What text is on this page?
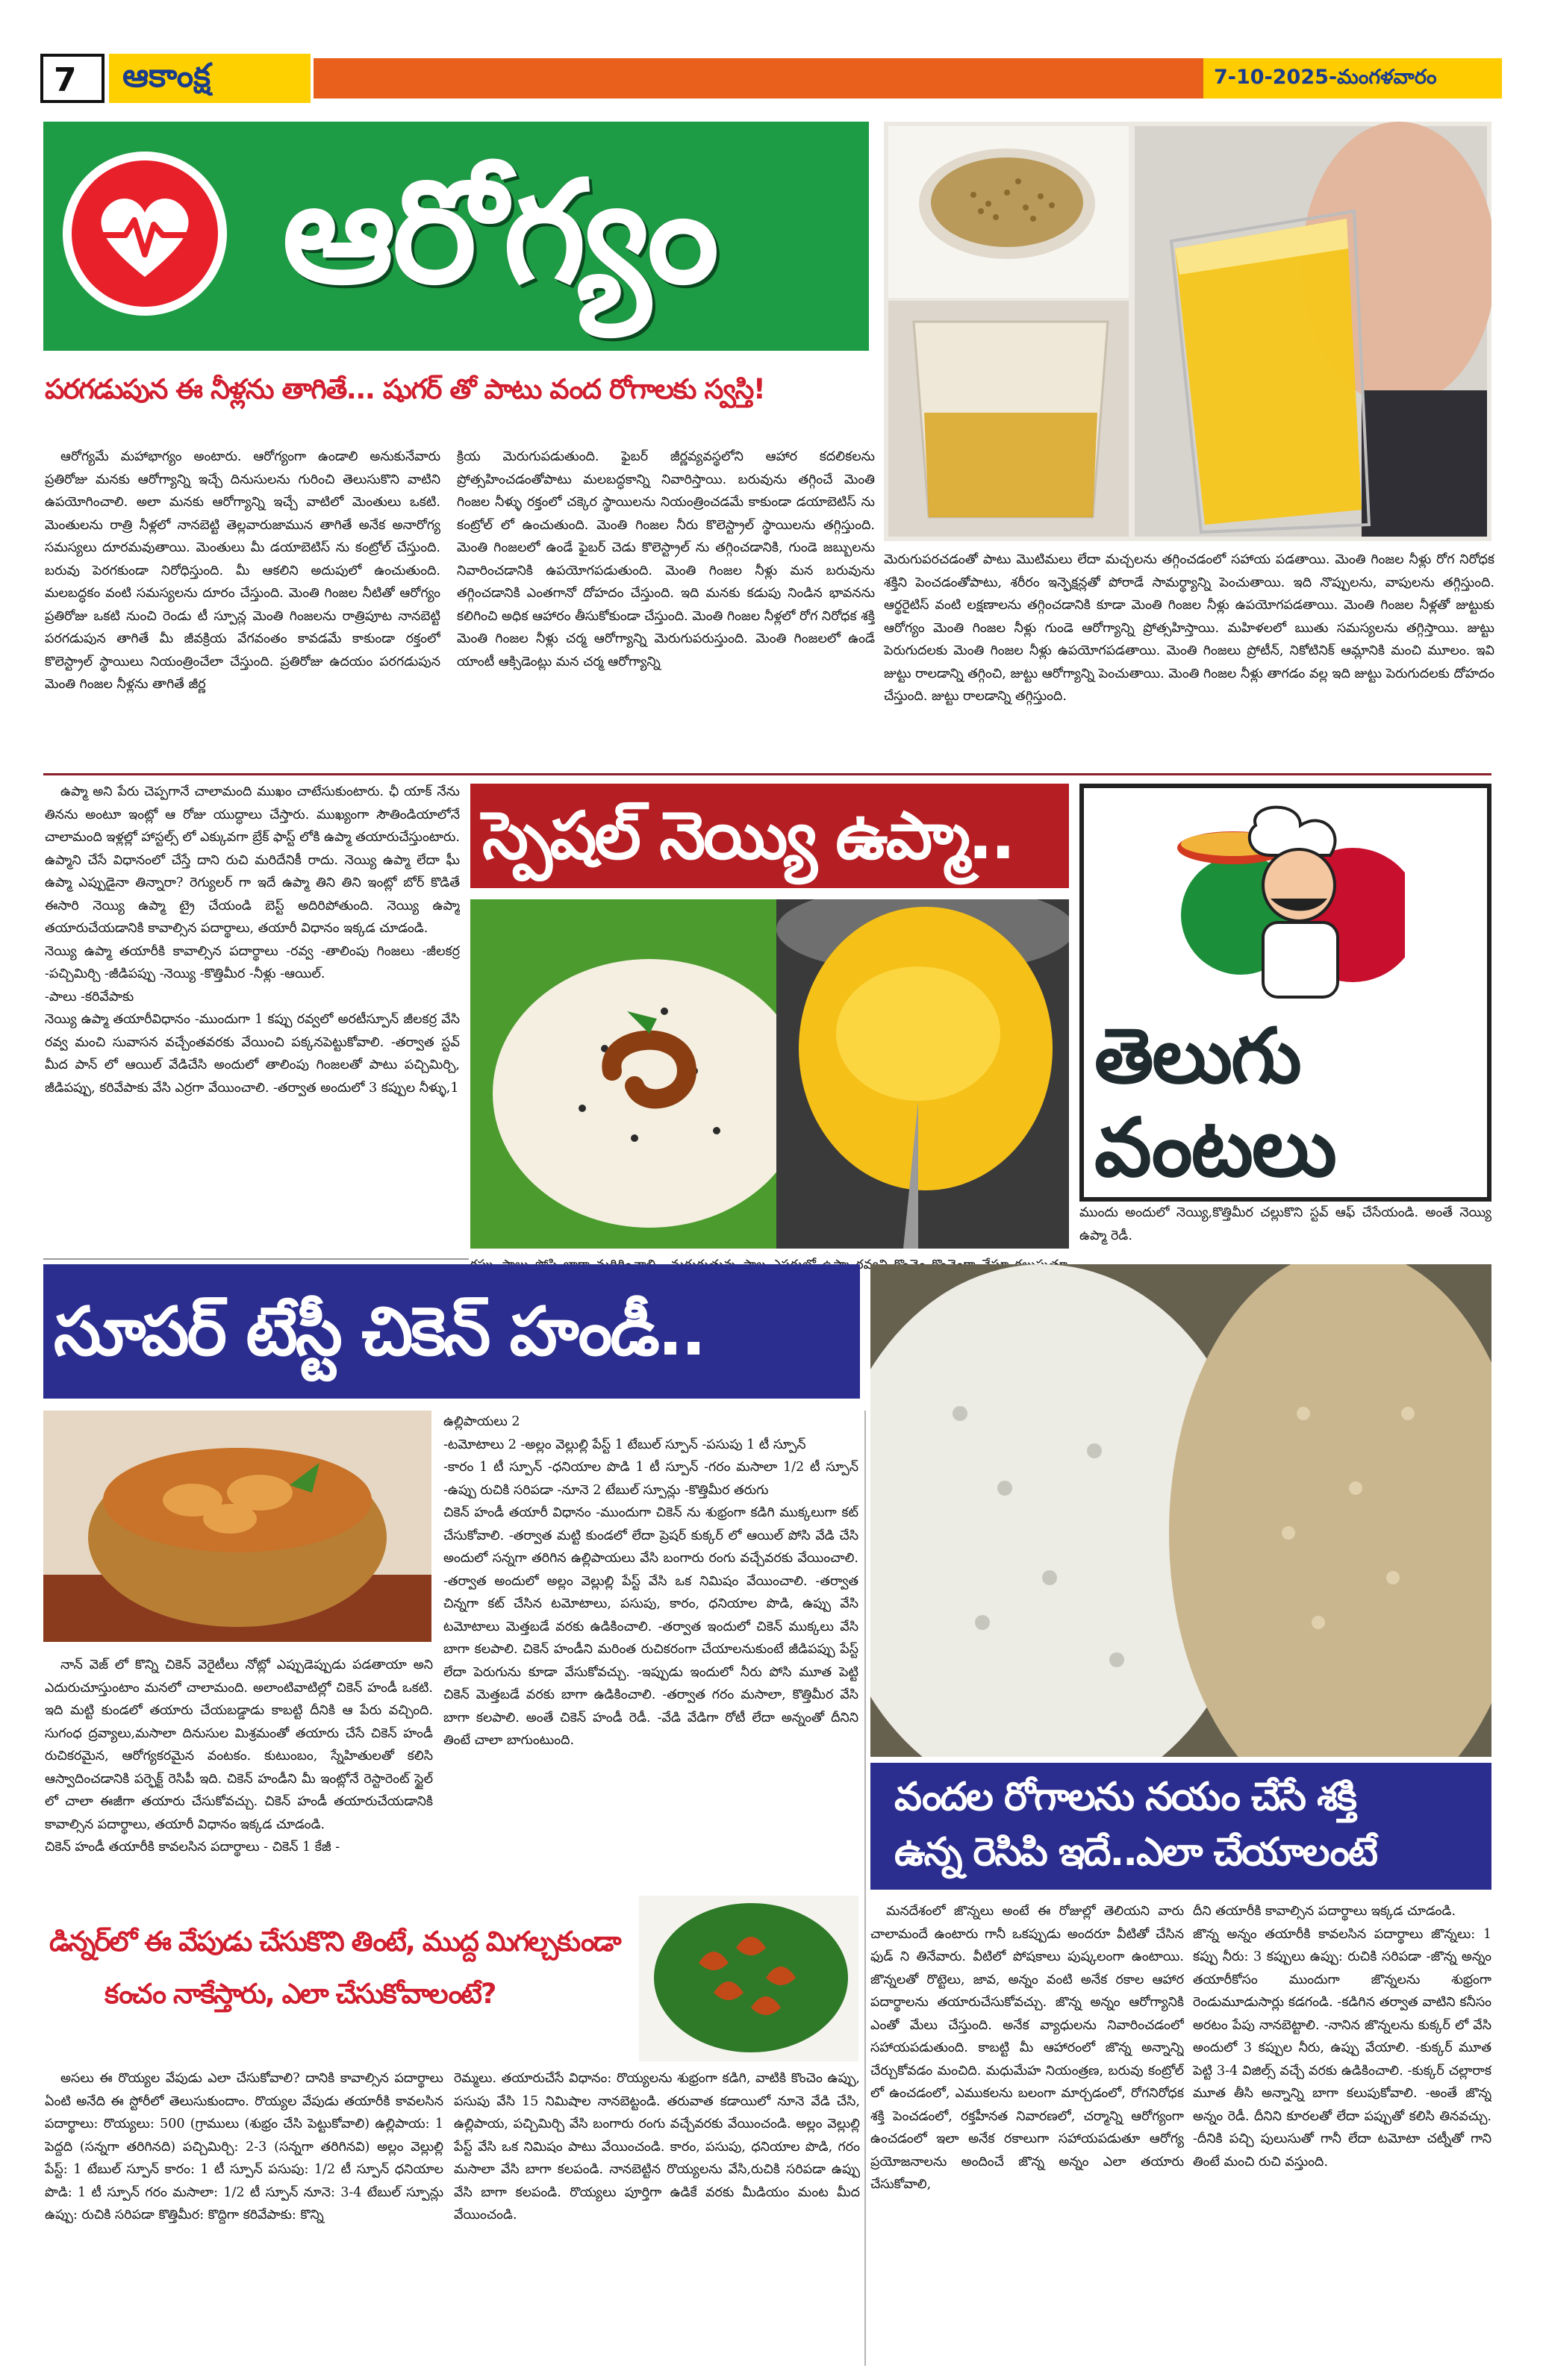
7 ఆకాంక్ష	7-10-2025-మంగళవారం
ఆరోగ్యం
పరగడుపున ఈ నీళ్లను తాగితే... షుగర్ తో పాటు వంద రోగాలకు స్వస్తి!

ఆరోగ్యమే మహాభాగ్యం అంటారు. ఆరోగ్యంగా ఉండాలి అనుకునేవారు ప్రతిరోజు మనకు ఆరోగ్యాన్ని ఇచ్చే దినుసులను గురించి తెలుసుకొని వాటిని ఉపయోగించాలి. అలా మనకు ఆరోగ్యాన్ని ఇచ్చే వాటిలో మెంతులు ఒకటి. మెంతులను రాత్రి నీళ్లలో నానబెట్టి తెల్లవారుజామున తాగితే అనేక అనారోగ్య సమస్యలు దూరమవుతాయి. మెంతులు మీ డయాబెటిస్ ను కంట్రోల్ చేస్తుంది. బరువు పెరగకుండా నిరోధిస్తుంది. మీ ఆకలిని అదుపులో ఉంచుతుంది. మలబద్ధకం వంటి సమస్యలను దూరం చేస్తుంది. మెంతి గింజల నీటితో ఆరోగ్యం ప్రతిరోజు ఒకటి నుంచి రెండు టీ స్పూన్ల మెంతి గింజలను రాత్రిపూట నానబెట్టి పరగడుపున తాగితే మీ జీవక్రియ వేగవంతం కావడమే కాకుండా రక్తంలో కొలెస్ట్రాల్ స్థాయిలు నియంత్రించేలా చేస్తుంది. ప్రతిరోజు ఉదయం పరగడుపున మెంతి గింజల నీళ్లను తాగితే జీర్ణ

క్రియ మెరుగుపడుతుంది. ఫైబర్ జీర్ణవ్యవస్థలోని ఆహార కదలికలను ప్రోత్సహించడంతోపాటు మలబద్ధకాన్ని నివారిస్తాయి. బరువును తగ్గించే మెంతి గింజల నీళ్ళు రక్తంలో చక్కెర స్థాయిలను నియంత్రించడమే కాకుండా డయాబెటిస్ ను కంట్రోల్ లో ఉంచుతుంది. మెంతి గింజల నీరు కొలెస్ట్రాల్ స్థాయిలను తగ్గిస్తుంది. మెంతి గింజలలో ఉండే ఫైబర్ చెడు కొలెస్ట్రాల్ ను తగ్గించడానికి, గుండె జబ్బులను నివారించడానికి ఉపయోగపడుతుంది. మెంతి గింజల నీళ్లు మన బరువును తగ్గించడానికి ఎంతగానో దోహదం చేస్తుంది. ఇది మనకు కడుపు నిండిన భావనను కలిగించి అధిక ఆహారం తీసుకోకుండా చేస్తుంది. మెంతి గింజల నీళ్లలో రోగ నిరోధక శక్తి మెంతి గింజల నీళ్లు చర్మ ఆరోగ్యాన్ని మెరుగుపరుస్తుంది. మెంతి గింజలలో ఉండే యాంటీ ఆక్సిడెంట్లు మన చర్మ ఆరోగ్యాన్ని

మెరుగుపరచడంతో పాటు మొటిమలు లేదా మచ్చలను తగ్గించడంలో సహాయ పడతాయి. మెంతి గింజల నీళ్లు రోగ నిరోధక శక్తిని పెంచడంతోపాటు, శరీరం ఇన్ఫెక్షన్లతో పోరాడే సామర్థ్యాన్ని పెంచుతాయి. ఇది నొప్పులను, వాపులను తగ్గిస్తుంది. ఆర్థరైటిస్ వంటి లక్షణాలను తగ్గించడానికి కూడా మెంతి గింజల నీళ్లు ఉపయోగపడతాయి. మెంతి గింజల నీళ్లతో జుట్టుకు ఆరోగ్యం మెంతి గింజల నీళ్లు గుండె ఆరోగ్యాన్ని ప్రోత్సహిస్తాయి. మహిళలలో ఋతు సమస్యలను తగ్గిస్తాయి. జుట్టు పెరుగుదలకు మెంతి గింజల నీళ్లు ఉపయోగపడతాయి. మెంతి గింజలు ప్రోటీన్, నికోటినిక్ ఆమ్లానికి మంచి మూలం. ఇవి జుట్టు రాలడాన్ని తగ్గించి, జుట్టు ఆరోగ్యాన్ని పెంచుతాయి. మెంతి గింజల నీళ్లు తాగడం వల్ల ఇది జుట్టు పెరుగుదలకు దోహదం చేస్తుంది. జుట్టు రాలడాన్ని తగ్గిస్తుంది.

ఉప్మా అని పేరు చెప్పగానే చాలామంది ముఖం చాటేసుకుంటారు. ఛీ యాక్ నేను తినను అంటూ ఇంట్లో ఆ రోజు యుద్ధాలు చేస్తారు. ముఖ్యంగా సౌతిండియాలోనే చాలామంది ఇళ్లల్లో హాస్టల్స్ లో ఎక్కువగా బ్రేక్ ఫాస్ట్ లోకి ఉప్మా తయారుచేస్తుంటారు. ఉప్మాని చేసే విధానంలో చేస్తే దాని రుచి మరిదేనికీ రాదు. నెయ్యి ఉప్మా లేదా ఘీ ఉప్మా ఎప్పుడైనా తిన్నారా? రెగ్యులర్ గా ఇదే ఉప్మా తిని తిని ఇంట్లో బోర్ కొడితే ఈసారి నెయ్యి ఉప్మా ట్రై చేయండి బెస్ట్ అదిరిపోతుంది. నెయ్యి ఉప్మా తయారుచేయడానికి కావాల్సిన పదార్థాలు, తయారీ విధానం ఇక్కడ చూడండి.
నెయ్యి ఉప్మా తయారీకి కావాల్సిన పదార్థాలు -రవ్వ -తాలింపు గింజలు -జీలకర్ర -పచ్చిమిర్చి -జీడిపప్పు -నెయ్యి -కొత్తిమీర -నీళ్లు -ఆయిల్.
-పాలు -కరివేపాకు
నెయ్యి ఉప్మా తయారీవిధానం -ముందుగా 1 కప్పు రవ్వలో అరటీస్పూన్ జీలకర్ర వేసి రవ్వ మంచి సువాసన వచ్చేంతవరకు వేయించి పక్కనపెట్టుకోవాలి. -తర్వాత స్టవ్ మీద పాన్ లో ఆయిల్ వేడిచేసి అందులో తాలింపు గింజలతో పాటు పచ్చిమిర్చి, జీడిపప్పు, కరివేపాకు వేసి ఎర్రగా వేయించాలి. -తర్వాత అందులో 3 కప్పుల నీళ్ళు,1

స్పెషల్ నెయ్యి ఉప్మా..
తెలుగు
వంటలు

ముందు అందులో నెయ్యి,కొత్తిమీర చల్లుకొని స్టవ్ ఆఫ్ చేసేయండి. అంతే నెయ్యి ఉప్మా రెడీ.

సూపర్ టేస్టీ చికెన్ హండీ..

నాన్ వెజ్ లో కొన్ని చికెన్ వెరైటీలు నోట్లో ఎప్పుడెప్పుడు పడతాయా అని ఎదురుచూస్తుంటాం మనలో చాలామంది. అలాంటివాటిల్లో చికెన్ హండీ ఒకటి. ఇది మట్టి కుండలో తయారు చేయబడ్డాడు కాబట్టి దీనికి ఆ పేరు వచ్చింది. సుగంధ ద్రవ్యాలు,మసాలా దినుసుల మిశ్రమంతో తయారు చేసే చికెన్ హండీ రుచికరమైన, ఆరోగ్యకరమైన వంటకం. కుటుంబం, స్నేహితులతో కలిసి ఆస్వాదించడానికి పర్ఫెక్ట్ రెసిపీ ఇది. చికెన్ హండీని మీ ఇంట్లోనే రెస్టారెంట్ స్టైల్ లో చాలా ఈజీగా తయారు చేసుకోవచ్చు. చికెన్ హండీ తయారుచేయడానికి కావాల్సిన పదార్థాలు, తయారీ విధానం ఇక్కడ చూడండి.
చికెన్ హండీ తయారీకి కావలసిన పదార్థాలు - చికెన్ 1 కేజీ -

ఉల్లిపాయలు 2
-టమోటాలు 2 -అల్లం వెల్లుల్లి పేస్ట్ 1 టేబుల్ స్పూన్ -పసుపు 1 టీ స్పూన్
-కారం 1 టీ స్పూన్ -ధనియాల పొడి 1 టీ స్పూన్ -గరం మసాలా 1/2 టీ స్పూన్ -ఉప్పు రుచికి సరిపడా -నూనె 2 టేబుల్ స్పూన్లు -కొత్తిమీర తరుగు
చికెన్ హండీ తయారీ విధానం -ముందుగా చికెన్ ను శుభ్రంగా కడిగి ముక్కలుగా కట్ చేసుకోవాలి. -తర్వాత మట్టి కుండలో లేదా ప్రెషర్ కుక్కర్ లో ఆయిల్ పోసి వేడి చేసి అందులో సన్నగా తరిగిన ఉల్లిపాయలు వేసి బంగారు రంగు వచ్చేవరకు వేయించాలి. -తర్వాత అందులో అల్లం వెల్లుల్లి పేస్ట్ వేసి ఒక నిమిషం వేయించాలి. -తర్వాత చిన్నగా కట్ చేసిన టమోటాలు, పసుపు, కారం, ధనియాల పొడి, ఉప్పు వేసి టమోటాలు మెత్తబడే వరకు ఉడికించాలి. -తర్వాత ఇందులో చికెన్ ముక్కలు వేసి బాగా కలపాలి. చికెన్ హండీని మరింత రుచికరంగా చేయాలనుకుంటే జీడిపప్పు పేస్ట్ లేదా పెరుగును కూడా వేసుకోవచ్చు. -ఇప్పుడు ఇందులో నీరు పోసి మూత పెట్టి చికెన్ మెత్తబడే వరకు బాగా ఉడికించాలి. -తర్వాత గరం మసాలా, కొత్తిమీర వేసి బాగా కలపాలి. అంతే చికెన్ హండీ రెడీ. -వేడి వేడిగా రోటీ లేదా అన్నంతో దీనిని తింటే చాలా బాగుంటుంది.

వందల రోగాలను నయం చేసే శక్తి
ఉన్న రెసిపి ఇదే..ఎలా చేయాలంటే
డిన్నర్‌లో ఈ వేపుడు చేసుకొని తింటే, ముద్ద మిగల్చకుండా
కంచం నాకేస్తారు, ఎలా చేసుకోవాలంటే?

అసలు ఈ రొయ్యల వేపుడు ఎలా చేసుకోవాలి? దానికి కావాల్సిన పదార్థాలు ఏంటి అనేది ఈ స్టోరీలో తెలుసుకుందాం. రొయ్యల వేపుడు తయారీకి కావలసిన పదార్థాలు: రొయ్యలు: 500 (గ్రాములు (శుభ్రం చేసి పెట్టుకోవాలి) ఉల్లిపాయ: 1 పెద్దది (సన్నగా తరిగినది) పచ్చిమిర్చి: 2-3 (సన్నగా తరిగినవి) అల్లం వెల్లుల్లి పేస్ట్: 1 టేబుల్ స్పూన్ కారం: 1 టీ స్పూన్ పసుపు: 1/2 టీ స్పూన్ ధనియాల పొడి: 1 టీ స్పూన్ గరం మసాలా: 1/2 టీ స్పూన్ నూనె: 3-4 టేబుల్ స్పూన్లు ఉప్పు: రుచికి సరిపడా కొత్తిమీర: కొద్దిగా కరివేపాకు: కొన్ని

రెమ్మలు. తయారుచేసే విధానం: రొయ్యలను శుభ్రంగా కడిగి, వాటికి కొంచెం ఉప్పు, పసుపు వేసి 15 నిమిషాల నానబెట్టండి. తరువాత కడాయిలో నూనె వేడి చేసి, ఉల్లిపాయ, పచ్చిమిర్చి వేసి బంగారు రంగు వచ్చేవరకు వేయించండి. అల్లం వెల్లుల్లి పేస్ట్ వేసి ఒక నిమిషం పాటు వేయించండి. కారం, పసుపు, ధనియాల పొడి, గరం మసాలా వేసి బాగా కలపండి. నానబెట్టిన రొయ్యలను వేసి,రుచికి సరిపడా ఉప్పు వేసి బాగా కలపండి. రొయ్యలు పూర్తిగా ఉడికే వరకు మీడియం మంట మీద వేయించండి.

మనదేశంలో జొన్నలు అంటే ఈ రోజుల్లో తెలియని వారు చాలామందే ఉంటారు గానీ ఒకప్పుడు అందరూ వీటితో చేసిన ఫుడ్ ని తినేవారు. వీటిలో పోషకాలు పుష్కలంగా ఉంటాయి. జొన్నలతో రొట్టెలు, జావ, అన్నం వంటి అనేక రకాల ఆహార పదార్థాలను తయారుచేసుకోవచ్చు. జొన్న అన్నం ఆరోగ్యానికి ఎంతో మేలు చేస్తుంది. అనేక వ్యాధులను నివారించడంలో సహాయపడుతుంది. కాబట్టి మీ ఆహారంలో జొన్న అన్నాన్ని చేర్చుకోవడం మంచిది. మధుమేహ నియంత్రణ, బరువు కంట్రోల్ లో ఉంచడంలో, ఎముకలను బలంగా మార్చడంలో, రోగనిరోధక శక్తి పెంచడంలో, రక్తహీనత నివారణలో, చర్మాన్ని ఆరోగ్యంగా ఉంచడంలో ఇలా అనేక రకాలుగా సహాయపడుతూ ఆరోగ్య ప్రయోజనాలను అందించే జొన్న అన్నం ఎలా తయారు చేసుకోవాలి,

దీని తయారీకి కావాల్సిన పదార్థాలు ఇక్కడ చూడండి.
జొన్న అన్నం తయారీకి కావలసిన పదార్థాలు జొన్నలు: 1 కప్పు నీరు: 3 కప్పులు ఉప్పు: రుచికి సరిపడా -జొన్న అన్నం తయారీకోసం ముందుగా జొన్నలను శుభ్రంగా రెండుమూడుసార్లు కడగండి. -కడిగిన తర్వాత వాటిని కనీసం అరటం పేపు నానబెట్టాలి. -నానిన జొన్నలను కుక్కర్ లో వేసి అందులో 3 కప్పుల నీరు, ఉప్పు వేయాలి. -కుక్కర్ మూత పెట్టి 3-4 విజిల్స్ వచ్చే వరకు ఉడికించాలి. -కుక్కర్ చల్లారాక మూత తీసి అన్నాన్ని బాగా కలుపుకోవాలి. -అంతే జొన్న అన్నం రెడీ. దీనిని కూరలతో లేదా పప్పుతో కలిసి తినవచ్చు. -దీనికి పచ్చి పులుసుతో గానీ లేదా టమోటా చట్నీతో గాని తింటే మంచి రుచి వస్తుంది.
